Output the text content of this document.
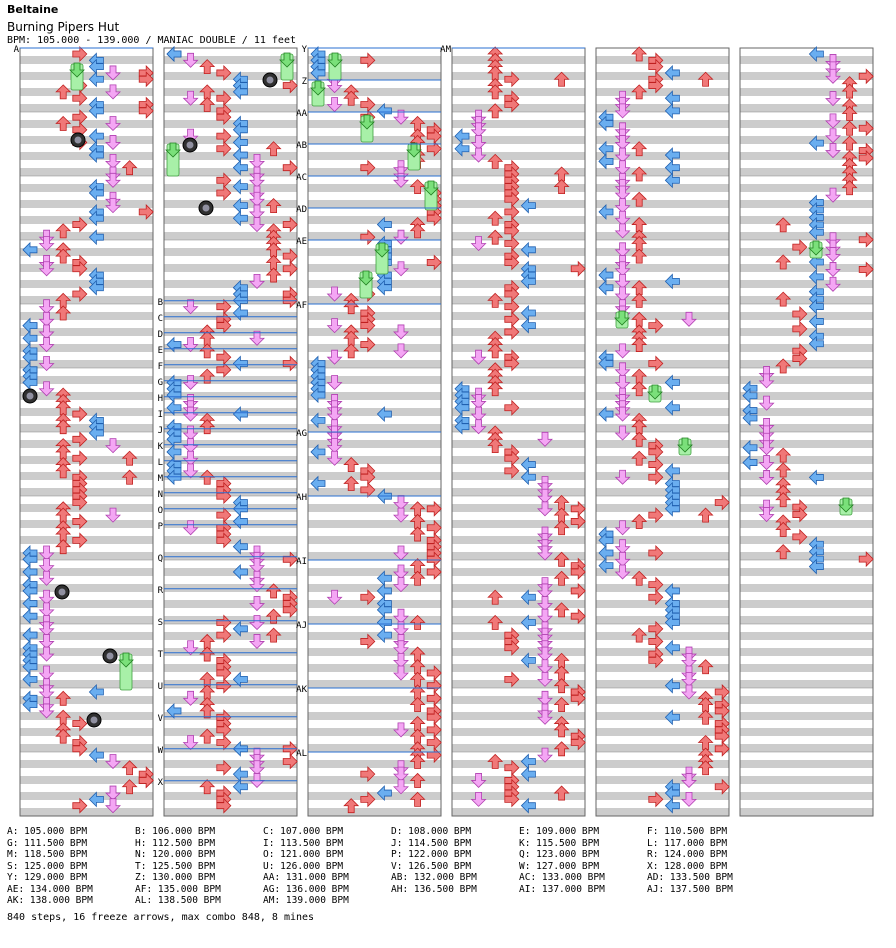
Beltaine
Burning Pipers Hut
BPM: 105.000 - 139.000 / MANIAC DOUBLE / 11 feet
A
B
C
D
E
F
G
H
I
J
K
L
M
N
O
P
Q
R
S
T
U
V
W
X
Y
Z
AA
AB
AC
AD
AE
AF
AG
AH
AI
AJ
AK
AL
AM
A: 105.000 BPM	B: 106.000 BPM	C: 107.000 BPM	D: 108.000 BPM	E: 109.000 BPM	F: 110.500 BPM
G: 111.500 BPM	H: 112.500 BPM	I: 113.500 BPM	J: 114.500 BPM	K: 115.500 BPM	L: 117.000 BPM
M: 118.500 BPM	N: 120.000 BPM	O: 121.000 BPM	P: 122.000 BPM	Q: 123.000 BPM	R: 124.000 BPM
S: 125.000 BPM	T: 125.500 BPM	U: 126.000 BPM	V: 126.500 BPM	W: 127.000 BPM	X: 128.000 BPM
Y: 129.000 BPM	Z: 130.000 BPM	AA: 131.000 BPM	AB: 132.000 BPM	AC: 133.000 BPM	AD: 133.500 BPM
AE: 134.000 BPM	AF: 135.000 BPM	AG: 136.000 BPM	AH: 136.500 BPM	AI: 137.000 BPM	AJ: 137.500 BPM
AK: 138.000 BPM	AL: 138.500 BPM	AM: 139.000 BPM
840 steps, 16 freeze arrows, max combo 848, 8 mines
